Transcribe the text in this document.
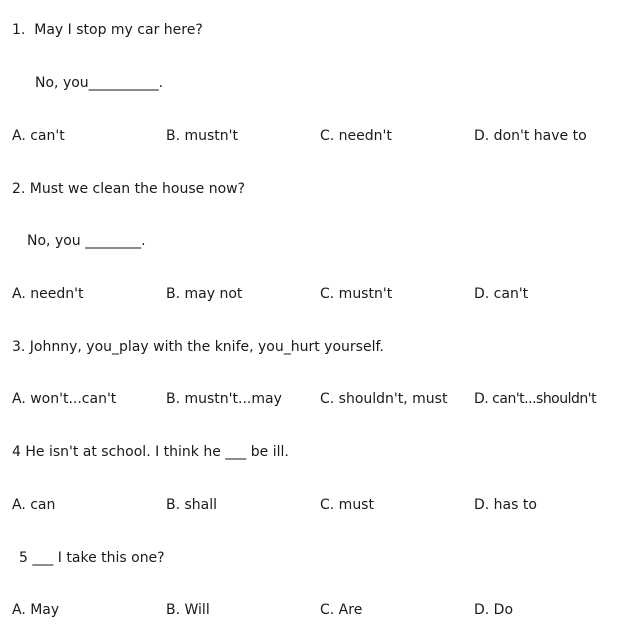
1.  May I stop my car here?
No, you__________.
A. can't	B. mustn't	C. needn't	D. don't have to
2. Must we clean the house now?
No, you ________.
A. needn't	B. may not	C. mustn't	D. can't
3. Johnny, you_play with the knife, you_hurt yourself.
A. won't...can't	B. mustn't...may	C. shouldn't, must D. can't...shouldn't
4 He isn't at school. I think he ___ be ill.
A. can	B. shall	C. must	D. has to
5 ___ I take this one?
A. May	B. Will	C. Are	D. Do
